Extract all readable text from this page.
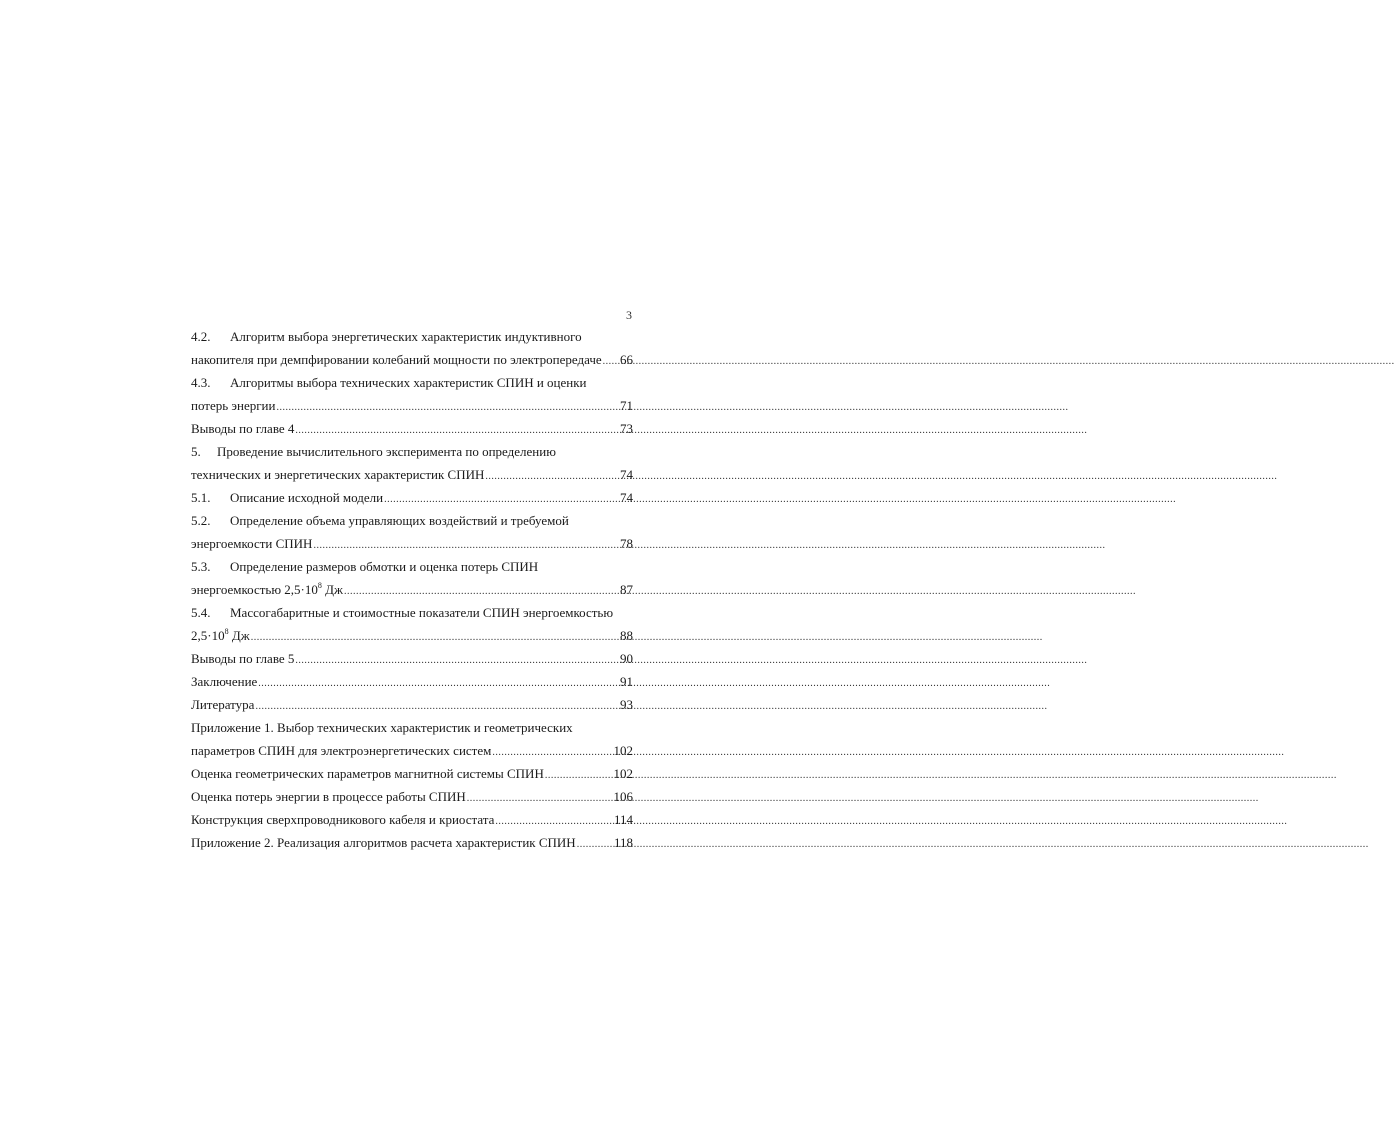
3
4.2.	Алгоритм выбора энергетических характеристик индуктивного
накопителя при демпфировании колебаний мощности по электропередаче ..... 66
4.3.	Алгоритмы выбора технических характеристик СПИН и оценки
потерь энергии .....	71
Выводы по главе 4 .....	73
5.	Проведение вычислительного эксперимента по определению
технических и энергетических характеристик СПИН .....	74
5.1.	Описание исходной модели .....	74
5.2.	Определение объема управляющих воздействий и требуемой
энергоемкости СПИН .....	78
5.3.	Определение размеров обмотки и оценка потерь СПИН
энергоемкостью $2,5\cdot 10^8$ Дж .....	87
5.4.	Массогабаритные и стоимостные показатели СПИН энергоемкостью
$2,5\cdot 10^8$ Дж .....	88
Выводы по главе 5 .....	90
Заключение .....	91
Литература .....	93
Приложение 1. Выбор технических характеристик и геометрических
параметров СПИН для электроэнергетических систем .....	102
Оценка геометрических параметров магнитной системы СПИН .....	102
Оценка потерь энергии в процессе работы СПИН .....	106
Конструкция сверхпроводникового кабеля и криостата .....	114
Приложение 2. Реализация алгоритмов расчета характеристик СПИН .....	118
